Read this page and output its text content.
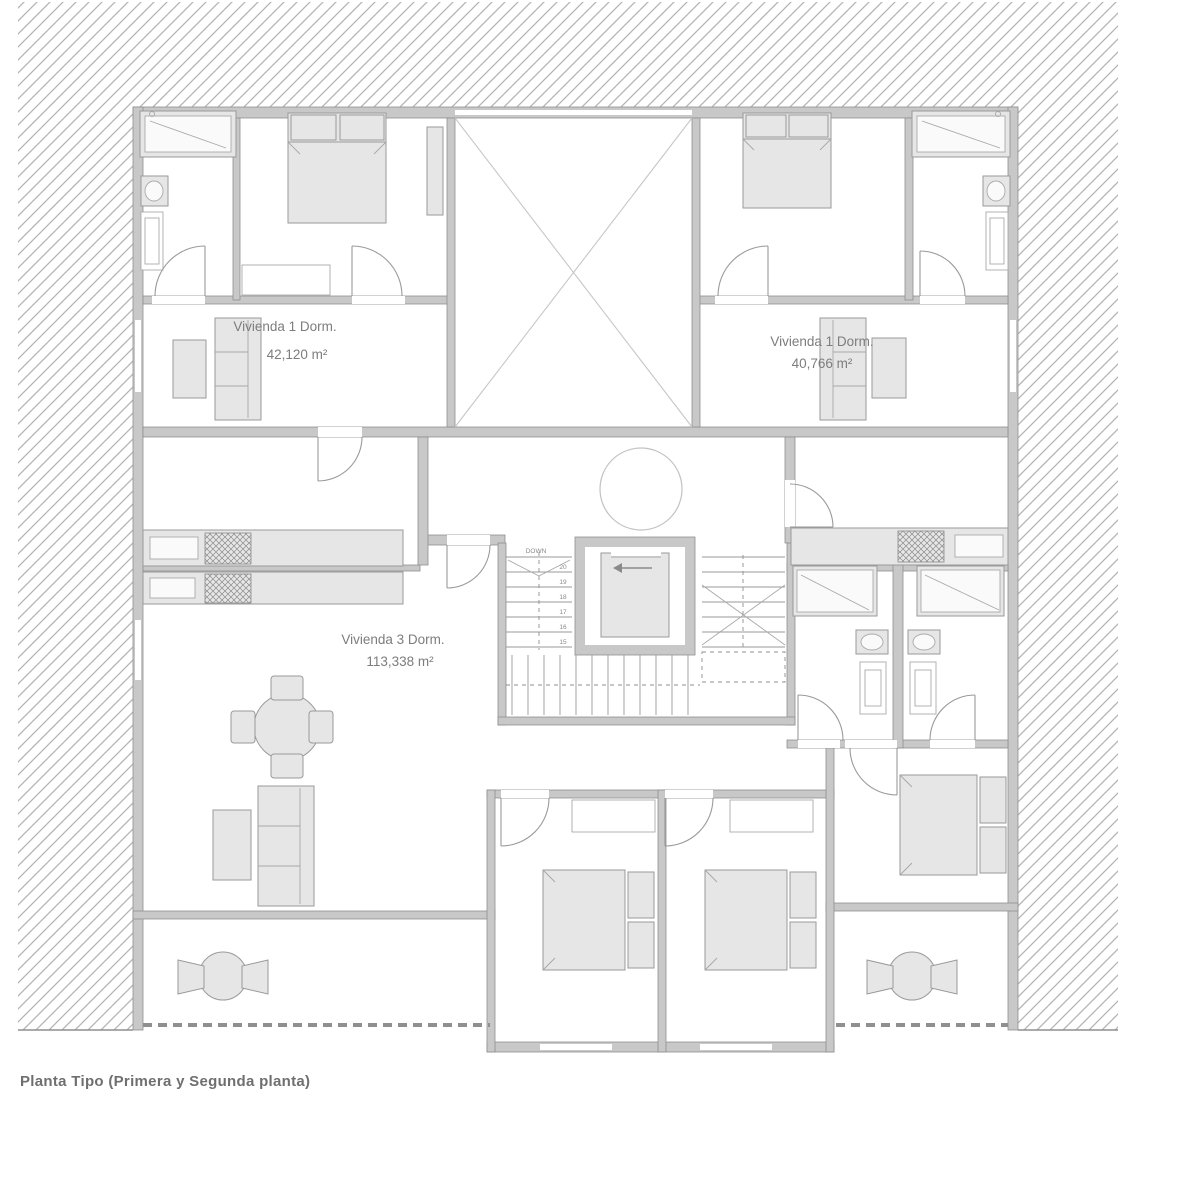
Vivienda 1 Dorm.
42,120 m²
Vivienda 1 Dorm.
40,766 m²
DOWN
20
19
18
17
16
15
Vivienda 3 Dorm.
113,338 m²
Planta Tipo (Primera y Segunda planta)
